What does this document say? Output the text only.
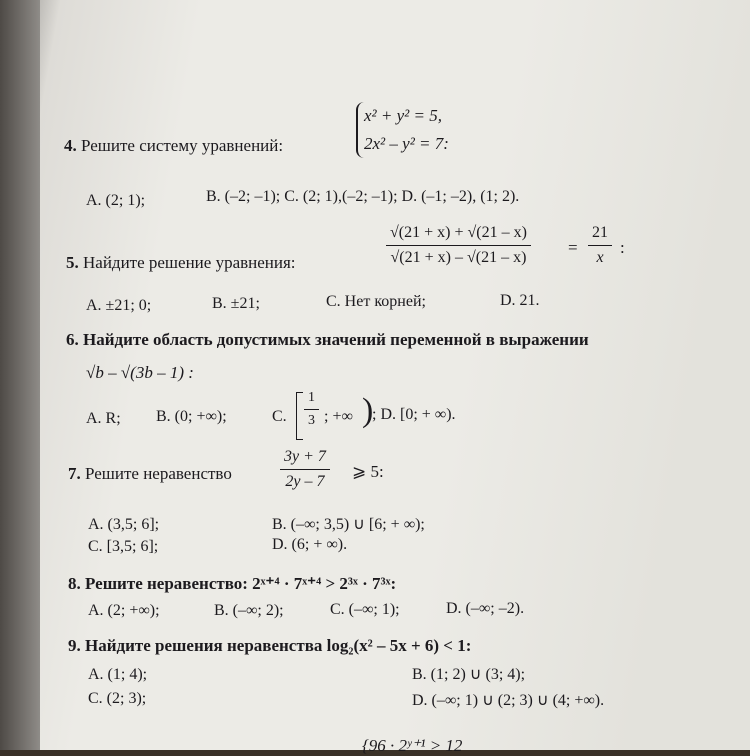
4. Решите систему уравнений:
x² + y² = 5,
2x² – y² = 7:
A. (2; 1);	B. (–2; –1); C. (2; 1),(–2; –1); D. (–1; –2), (1; 2).
5. Найдите решение уравнения:	$\frac{√(21 + x) + √(21 - x)}{√(21 + x) - √(21 - x)} = \frac{21}{x}$ :
A. ±21; 0;	B. ±21;	C. Нет корней;	D. 21.
6. Найдите область допустимых значений переменной в выражении
√b – √(3b – 1) :
A. R; B. (0; +∞);	C. $\frac{1}{3}$ ; +∞ )
; D. [0; + ∞).
7. Решите неравенство	$\frac{3y + 7}{2y - 7}$ ⩾ 5:
A. (3,5; 6];	B. (–∞; 3,5) ∪ [6; + ∞);
C. [3,5; 6];	D. (6; + ∞).
8. Решите неравенство: 2ˣ⁺⁴ · 7ˣ⁺⁴ > 2³ˣ · 7³ˣ:
A. (2; +∞);	B. (–∞; 2);	C. (–∞; 1);	D. (–∞; –2).
9. Найдите решения неравенства log₂(x² – 5x + 6) < 1:
A. (1; 4);	B. (1; 2) ∪ (3; 4);
C. (2; 3);	D. (–∞; 1) ∪ (2; 3) ∪ (4; +∞).
{96 · 2ʸ⁺¹ > 12
